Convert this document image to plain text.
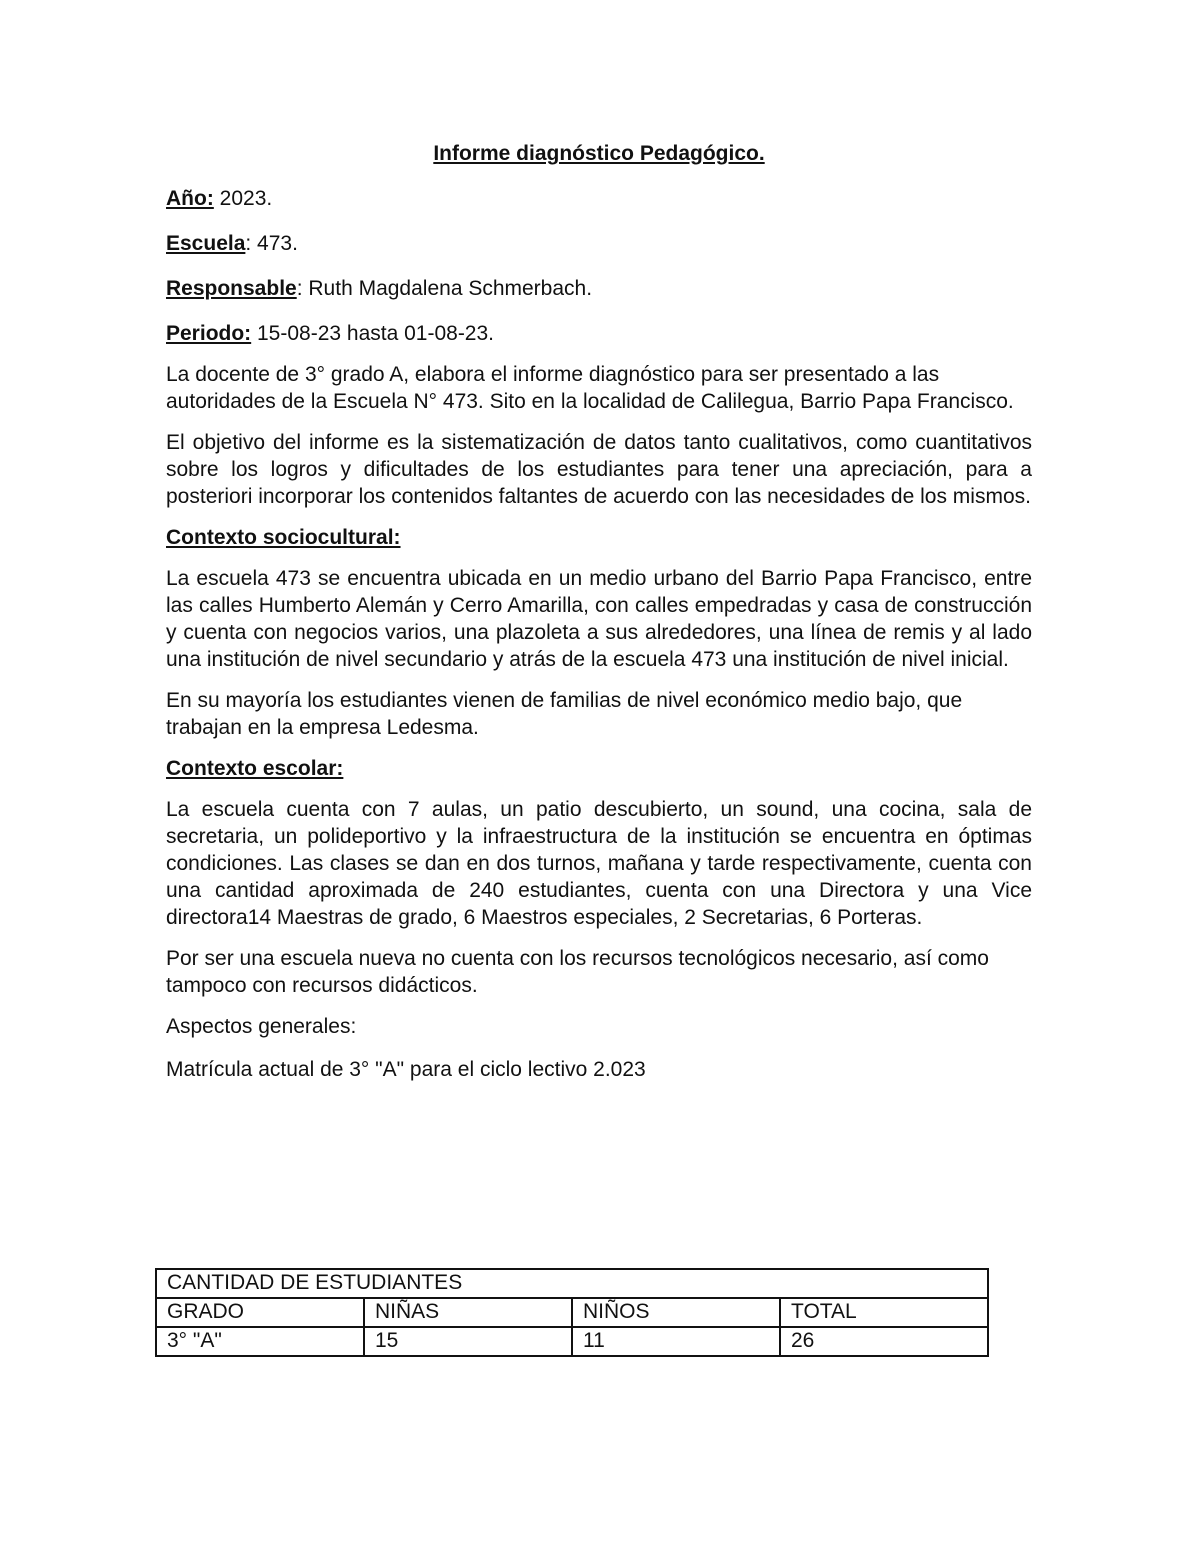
Informe diagnóstico Pedagógico.
Año: 2023.
Escuela: 473.
Responsable: Ruth Magdalena Schmerbach.
Periodo: 15-08-23 hasta 01-08-23.

La docente de 3° grado A, elabora el informe diagnóstico para ser presentado a las autoridades de la Escuela N° 473. Sito en la localidad de Calilegua, Barrio Papa Francisco.

El objetivo del informe es la sistematización de datos tanto cualitativos, como cuantitativos sobre los logros y dificultades de los estudiantes para tener una apreciación, para a posteriori incorporar los contenidos faltantes de acuerdo con las necesidades de los mismos.

Contexto sociocultural:

La escuela 473 se encuentra ubicada en un medio urbano del Barrio Papa Francisco, entre las calles Humberto Alemán y Cerro Amarilla, con calles empedradas y casa de construcción y cuenta con negocios varios, una plazoleta a sus alrededores, una línea de remis y al lado una institución de nivel secundario y atrás de la escuela 473 una institución de nivel inicial.

En su mayoría los estudiantes vienen de familias de nivel económico medio bajo, que trabajan en la empresa Ledesma.

Contexto escolar:

La escuela cuenta con 7 aulas, un patio descubierto, un sound, una cocina, sala de secretaria, un polideportivo y la infraestructura de la institución se encuentra en óptimas condiciones. Las clases se dan en dos turnos, mañana y tarde respectivamente, cuenta con una cantidad aproximada de 240 estudiantes, cuenta con una Directora y una Vice directora14 Maestras de grado, 6 Maestros especiales, 2 Secretarias, 6 Porteras.

Por ser una escuela nueva no cuenta con los recursos tecnológicos necesario, así como tampoco con recursos didácticos.

Aspectos generales:
Matrícula actual de 3° "A" para el ciclo lectivo 2.023
CANTIDAD DE ESTUDIANTES			
GRADO	NIÑAS	NIÑOS	TOTAL
3° "A"	15	11	26
